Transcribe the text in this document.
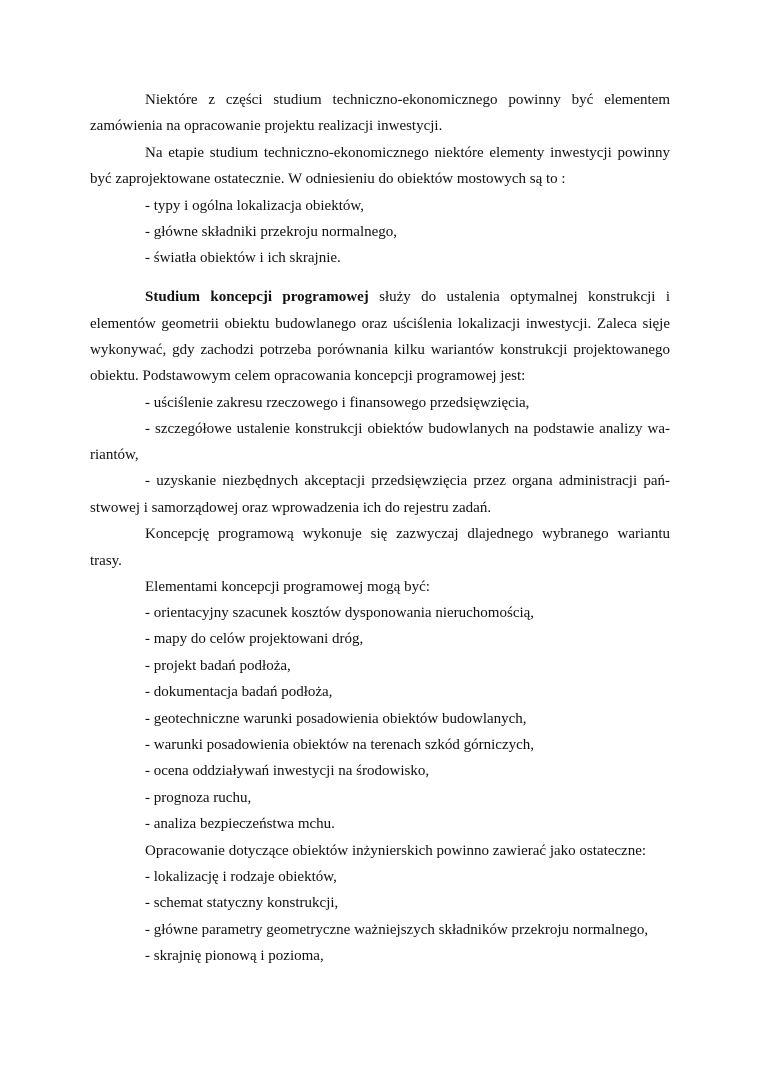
Niektóre z części studium techniczno-ekonomicznego powinny być elementem
zamówienia na opracowanie projektu realizacji inwestycji.
Na etapie studium techniczno-ekonomicznego niektóre elementy inwestycji powinny
być zaprojektowane ostatecznie. W odniesieniu do obiektów mostowych są to :
- typy i ogólna lokalizacja obiektów,
- główne składniki przekroju normalnego,
- światła obiektów i ich skrajnie.
Studium koncepcji programowej służy do ustalenia optymalnej konstrukcji i
elementów geometrii obiektu budowlanego oraz uściślenia lokalizacji inwestycji. Zaleca sięje
wykonywać, gdy zachodzi potrzeba porównania kilku wariantów konstrukcji projektowanego
obiektu. Podstawowym celem opracowania koncepcji programowej jest:
- uściślenie zakresu rzeczowego i finansowego przedsięwzięcia,
- szczegółowe ustalenie konstrukcji obiektów budowlanych na podstawie analizy wa-
riantów,
- uzyskanie niezbędnych akceptacji przedsięwzięcia przez organa administracji pań-
stwowej i samorządowej oraz wprowadzenia ich do rejestru zadań.
Koncepcję programową wykonuje się zazwyczaj dlajednego wybranego wariantu
trasy.
Elementami koncepcji programowej mogą być:
- orientacyjny szacunek kosztów dysponowania nieruchomością,
- mapy do celów projektowani dróg,
- projekt badań podłoża,
- dokumentacja badań podłoża,
- geotechniczne warunki posadowienia obiektów budowlanych,
- warunki posadowienia obiektów na terenach szkód górniczych,
- ocena oddziaływań inwestycji na środowisko,
- prognoza ruchu,
- analiza bezpieczeństwa mchu.
Opracowanie dotyczące obiektów inżynierskich powinno zawierać jako ostateczne:
- lokalizację i rodzaje obiektów,
- schemat statyczny konstrukcji,
- główne parametry geometryczne ważniejszych składników przekroju normalnego,
- skrajnię pionową i pozioma,
